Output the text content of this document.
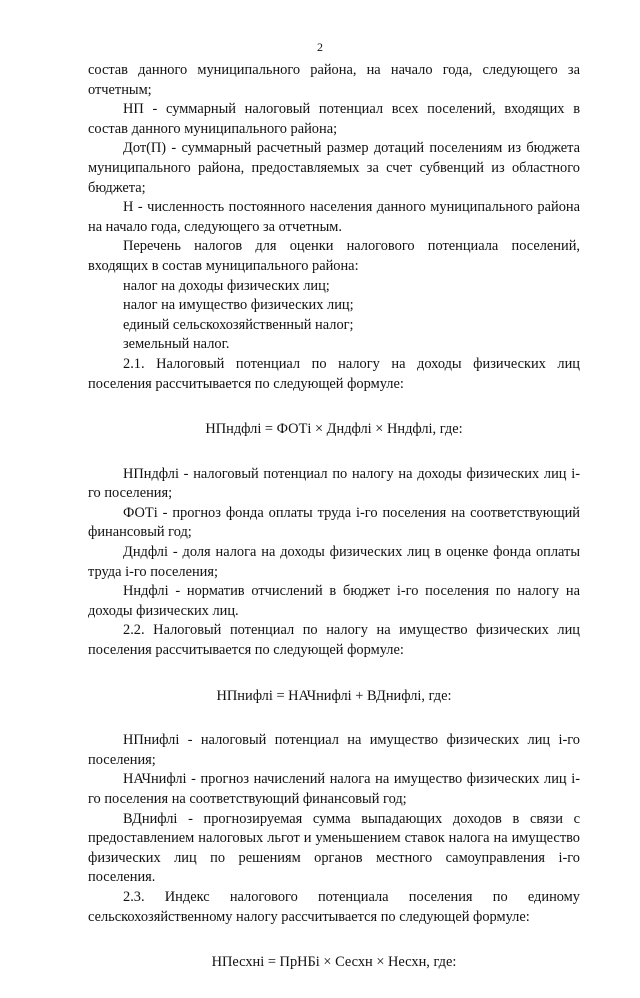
2

состав данного муниципального района, на начало года, следующего за отчетным;

НП - суммарный налоговый потенциал всех поселений, входящих в состав данного муниципального района;

Дот(П) - суммарный расчетный размер дотаций поселениям из бюджета муниципального района, предоставляемых за счет субвенций из областного бюджета;

Н - численность постоянного населения данного муниципального района на начало года, следующего за отчетным.

Перечень налогов для оценки налогового потенциала поселений, входящих в состав муниципального района:

налог на доходы физических лиц;

налог на имущество физических лиц;

единый сельскохозяйственный налог;

земельный налог.

2.1. Налоговый потенциал по налогу на доходы физических лиц поселения рассчитывается по следующей формуле:

НПндфлі = ФОТі × Дндфлі × Нндфлі, где:

НПндфлі - налоговый потенциал по налогу на доходы физических лиц і-го поселения;

ФОТі - прогноз фонда оплаты труда і-го поселения на соответствующий финансовый год;

Дндфлі - доля налога на доходы физических лиц в оценке фонда оплаты труда і-го поселения;

Нндфлі - норматив отчислений в бюджет і-го поселения по налогу на доходы физических лиц.

2.2. Налоговый потенциал по налогу на имущество физических лиц поселения рассчитывается по следующей формуле:

НПнифлі = НАЧнифлі + ВДнифлі, где:

НПнифлі - налоговый потенциал на имущество физических лиц і-го поселения;

НАЧнифлі - прогноз начислений налога на имущество физических лиц і-го поселения на соответствующий финансовый год;

ВДнифлі - прогнозируемая сумма выпадающих доходов в связи с предоставлением налоговых льгот и уменьшением ставок налога на имущество физических лиц по решениям органов местного самоуправления і-го поселения.

2.3. Индекс налогового потенциала поселения по единому сельскохозяйственному налогу рассчитывается по следующей формуле:

НПесхні = ПрНБі × Сесхн × Несхн, где:
